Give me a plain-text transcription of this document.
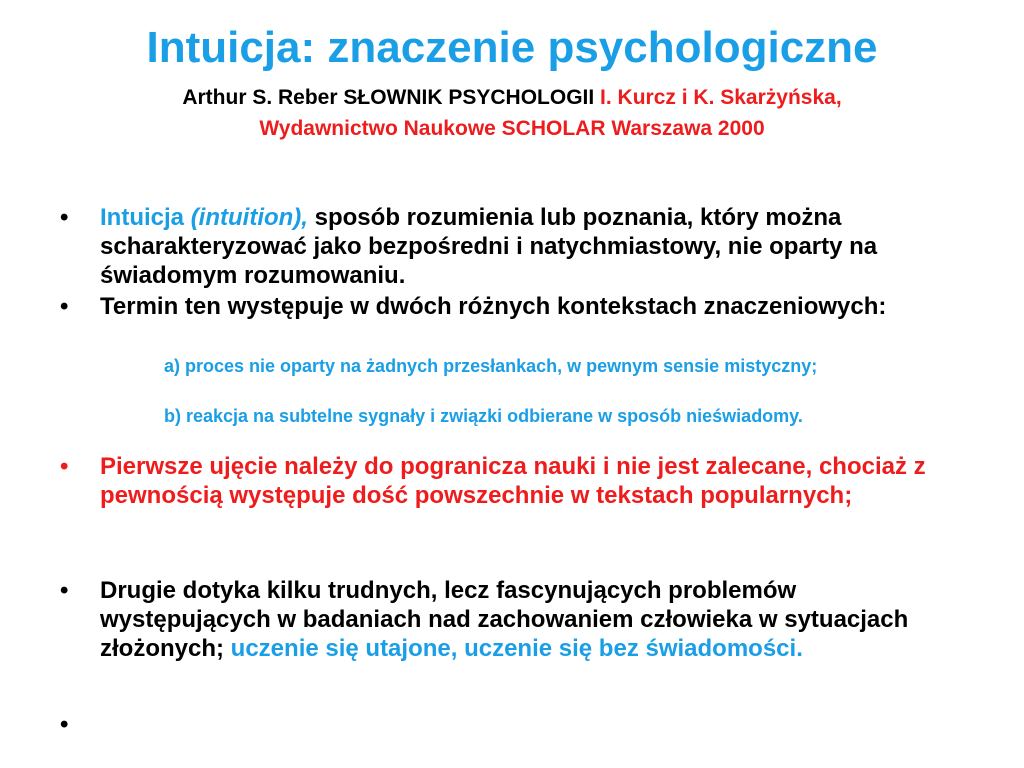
Intuicja: znaczenie psychologiczne
Arthur S. Reber SŁOWNIK PSYCHOLOGII I. Kurcz i K. Skarżyńska,
Wydawnictwo Naukowe SCHOLAR Warszawa 2000
• Intuicja (intuition), sposób rozumienia lub poznania, który można scharakteryzować jako bezpośredni i natychmiastowy, nie oparty na świadomym rozumowaniu.
• Termin ten występuje w dwóch różnych kontekstach znaczeniowych:
a) proces nie oparty na żadnych przesłankach, w pewnym sensie mistyczny;
b) reakcja na subtelne sygnały i związki odbierane w sposób nieświadomy.
• Pierwsze ujęcie należy do pogranicza nauki i nie jest zalecane, chociaż z pewnością występuje dość powszechnie w tekstach popularnych;
• Drugie dotyka kilku trudnych, lecz fascynujących problemów występujących w badaniach nad zachowaniem człowieka w sytuacjach złożonych; uczenie się utajone, uczenie się bez świadomości.
•
